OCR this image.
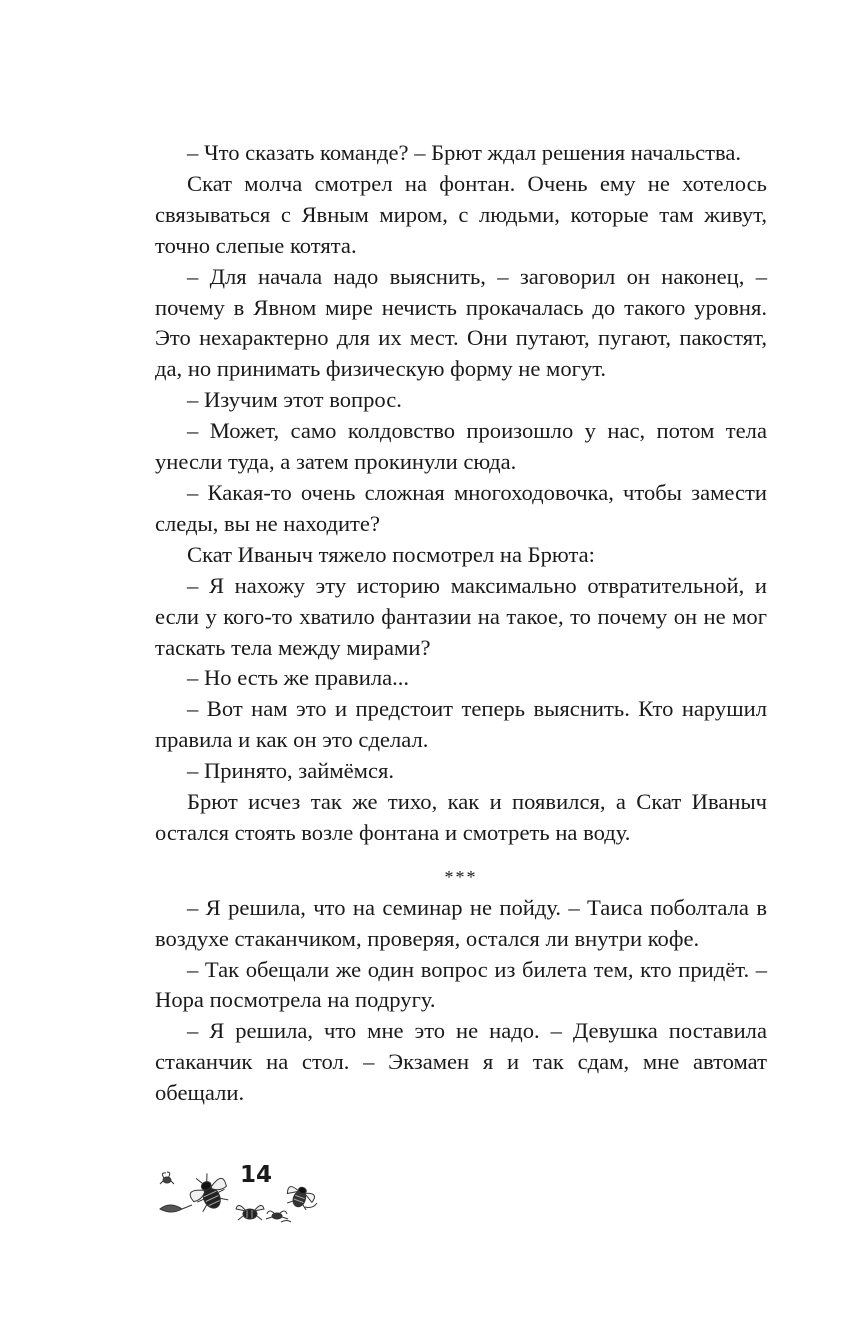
– Что сказать команде? – Брют ждал решения начальства.

Скат молча смотрел на фонтан. Очень ему не хотелось связываться с Явным миром, с людьми, которые там живут, точно слепые котята.

– Для начала надо выяснить, – заговорил он наконец, – почему в Явном мире нечисть прокачалась до такого уровня. Это нехарактерно для их мест. Они путают, пугают, пакостят, да, но принимать физическую форму не могут.

– Изучим этот вопрос.

– Может, само колдовство произошло у нас, потом тела унесли туда, а затем прокинули сюда.

– Какая-то очень сложная многоходовочка, чтобы замести следы, вы не находите?

Скат Иваныч тяжело посмотрел на Брюта:

– Я нахожу эту историю максимально отвратительной, и если у кого-то хватило фантазии на такое, то почему он не мог таскать тела между мирами?

– Но есть же правила...

– Вот нам это и предстоит теперь выяснить. Кто нарушил правила и как он это сделал.

– Принято, займёмся.

Брют исчез так же тихо, как и появился, а Скат Иваныч остался стоять возле фонтана и смотреть на воду.

***

– Я решила, что на семинар не пойду. – Таиса поболтала в воздухе стаканчиком, проверяя, остался ли внутри кофе.

– Так обещали же один вопрос из билета тем, кто придёт. – Нора посмотрела на подругу.

– Я решила, что мне это не надо. – Девушка поставила стаканчик на стол. – Экзамен я и так сдам, мне автомат обещали.

14
